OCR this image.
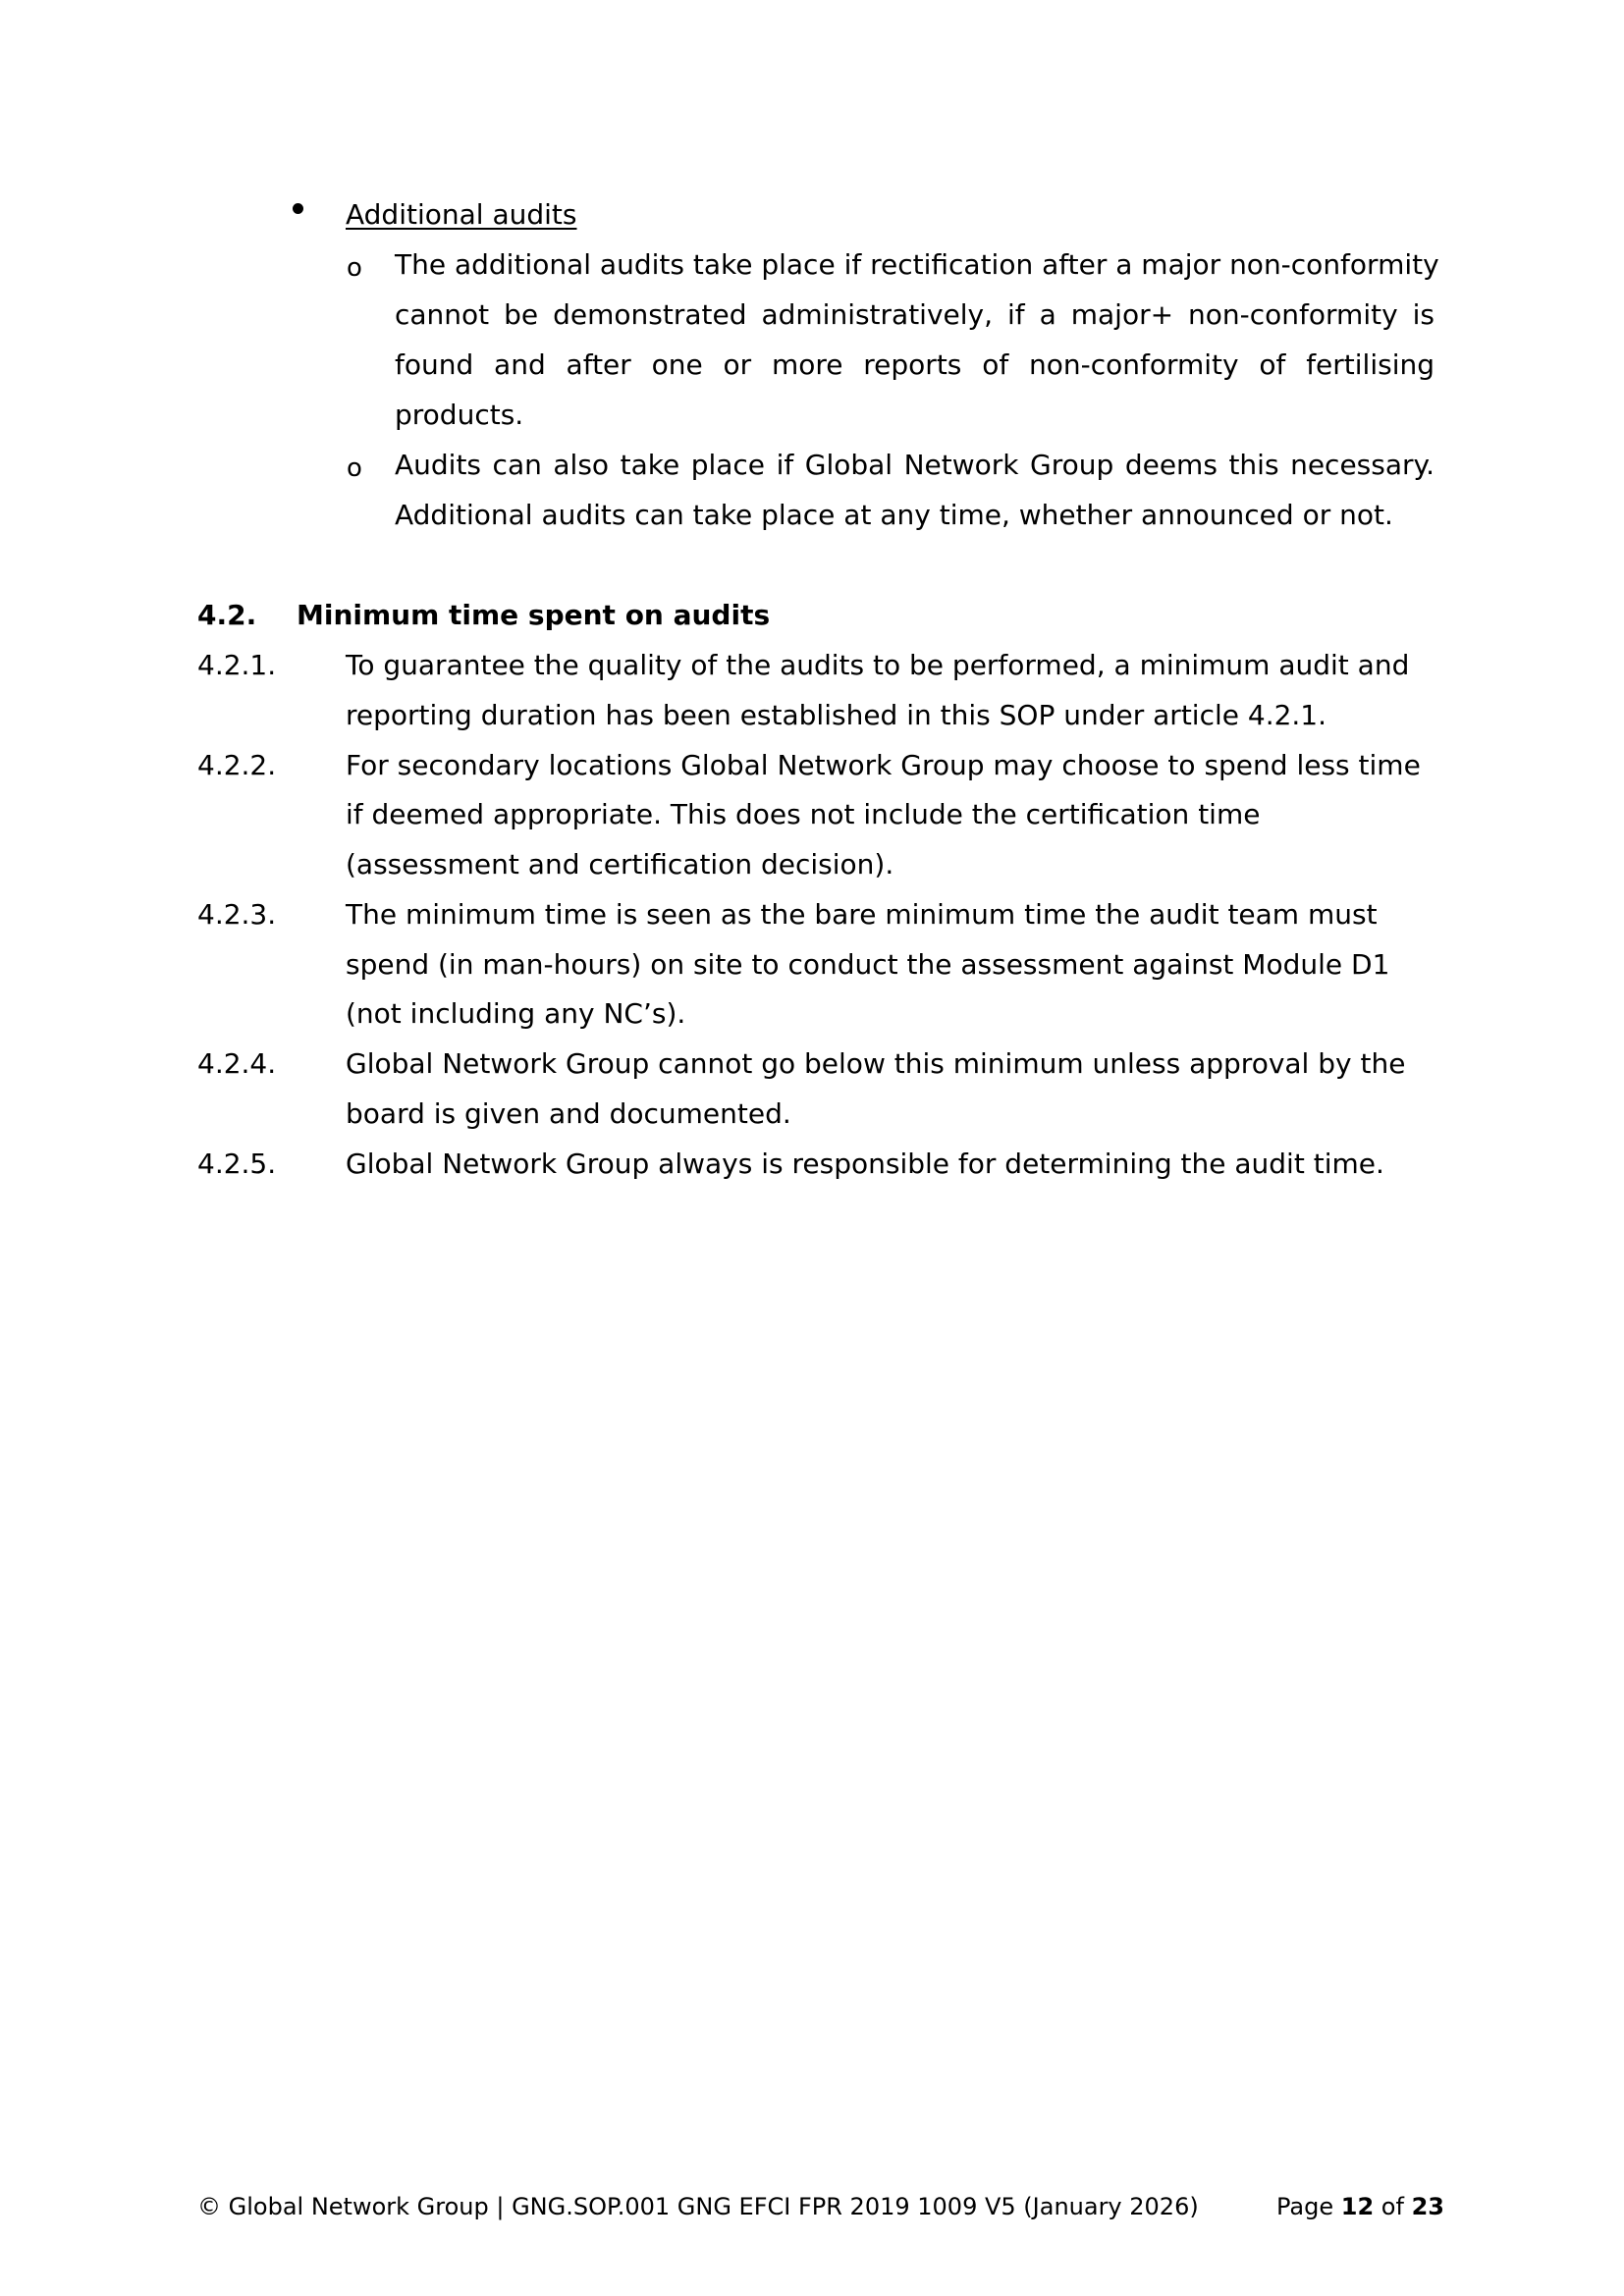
Additional audits
o The additional audits take place if rectification after a major non-conformity
cannot be demonstrated administratively, if a major+ non-conformity is
found and after one or more reports of non-conformity of fertilising
products.
o Audits can also take place if Global Network Group deems this necessary.
Additional audits can take place at any time, whether announced or not.
4.2. Minimum time spent on audits
4.2.1.	To guarantee the quality of the audits to be performed, a minimum audit and
reporting duration has been established in this SOP under article 4.2.1.
4.2.2.	For secondary locations Global Network Group may choose to spend less time
if deemed appropriate. This does not include the certification time
(assessment and certification decision).
4.2.3.	The minimum time is seen as the bare minimum time the audit team must
spend (in man-hours) on site to conduct the assessment against Module D1
(not including any NC’s).
4.2.4.	Global Network Group cannot go below this minimum unless approval by the
board is given and documented.
4.2.5.	Global Network Group always is responsible for determining the audit time.
© Global Network Group | GNG.SOP.001 GNG EFCI FPR 2019 1009 V5 (January 2026)	Page 12 of 23
